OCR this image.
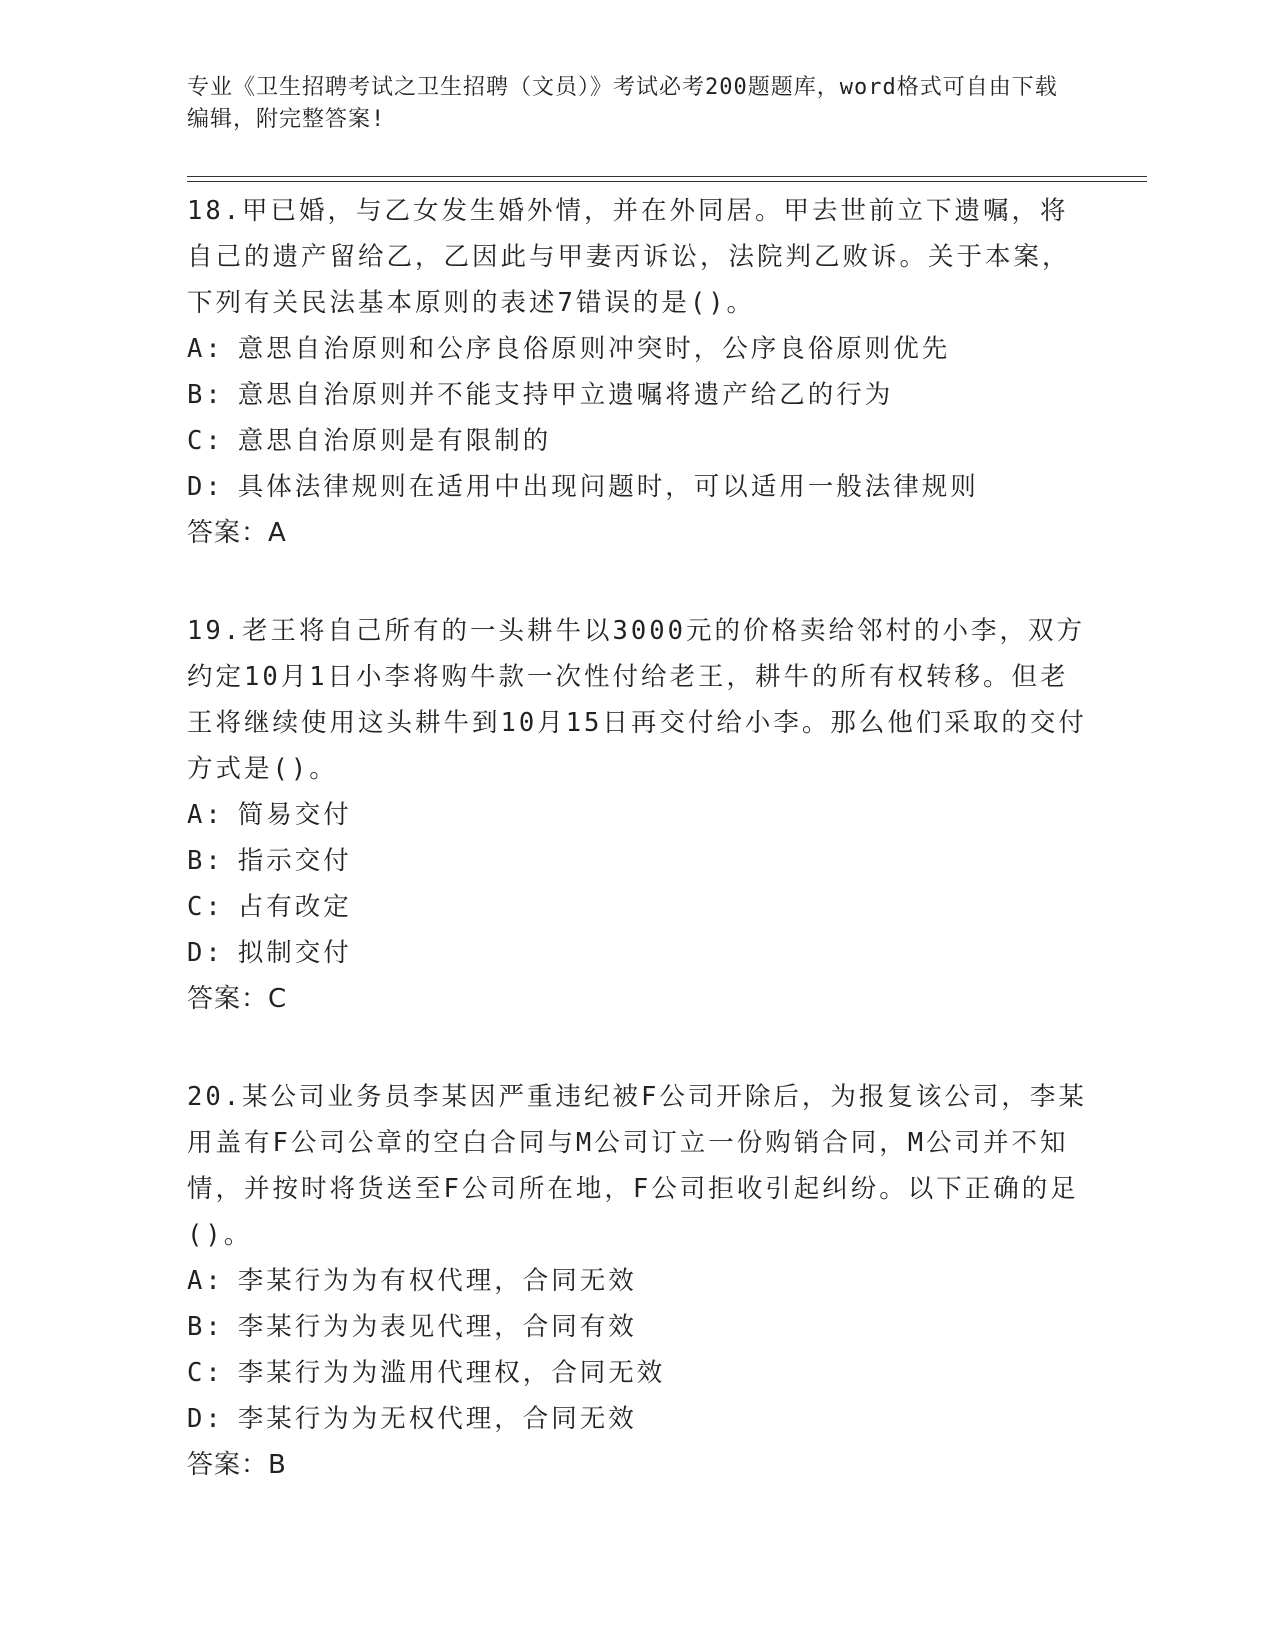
专业《卫生招聘考试之卫生招聘（文员）》考试必考200题题库，word格式可自由下载编辑，附完整答案!

18.甲已婚，与乙女发生婚外情，并在外同居。甲去世前立下遗嘱，将自己的遗产留给乙，乙因此与甲妻丙诉讼，法院判乙败诉。关于本案，下列有关民法基本原则的表述7错误的是()。

A: 意思自治原则和公序良俗原则冲突时，公序良俗原则优先

B: 意思自治原则并不能支持甲立遗嘱将遗产给乙的行为

C: 意思自治原则是有限制的

D: 具体法律规则在适用中出现问题时，可以适用一般法律规则

答案：A

19.老王将自己所有的一头耕牛以3000元的价格卖给邻村的小李，双方约定10月1日小李将购牛款一次性付给老王，耕牛的所有权转移。但老王将继续使用这头耕牛到10月15日再交付给小李。那么他们采取的交付方式是()。

A: 简易交付

B: 指示交付

C: 占有改定

D: 拟制交付

答案：C

20.某公司业务员李某因严重违纪被F公司开除后，为报复该公司，李某用盖有F公司公章的空白合同与M公司订立一份购销合同，M公司并不知情，并按时将货送至F公司所在地，F公司拒收引起纠纷。以下正确的足()。

A: 李某行为为有权代理，合同无效

B: 李某行为为表见代理，合同有效

C: 李某行为为滥用代理权，合同无效

D: 李某行为为无权代理，合同无效

答案：B
